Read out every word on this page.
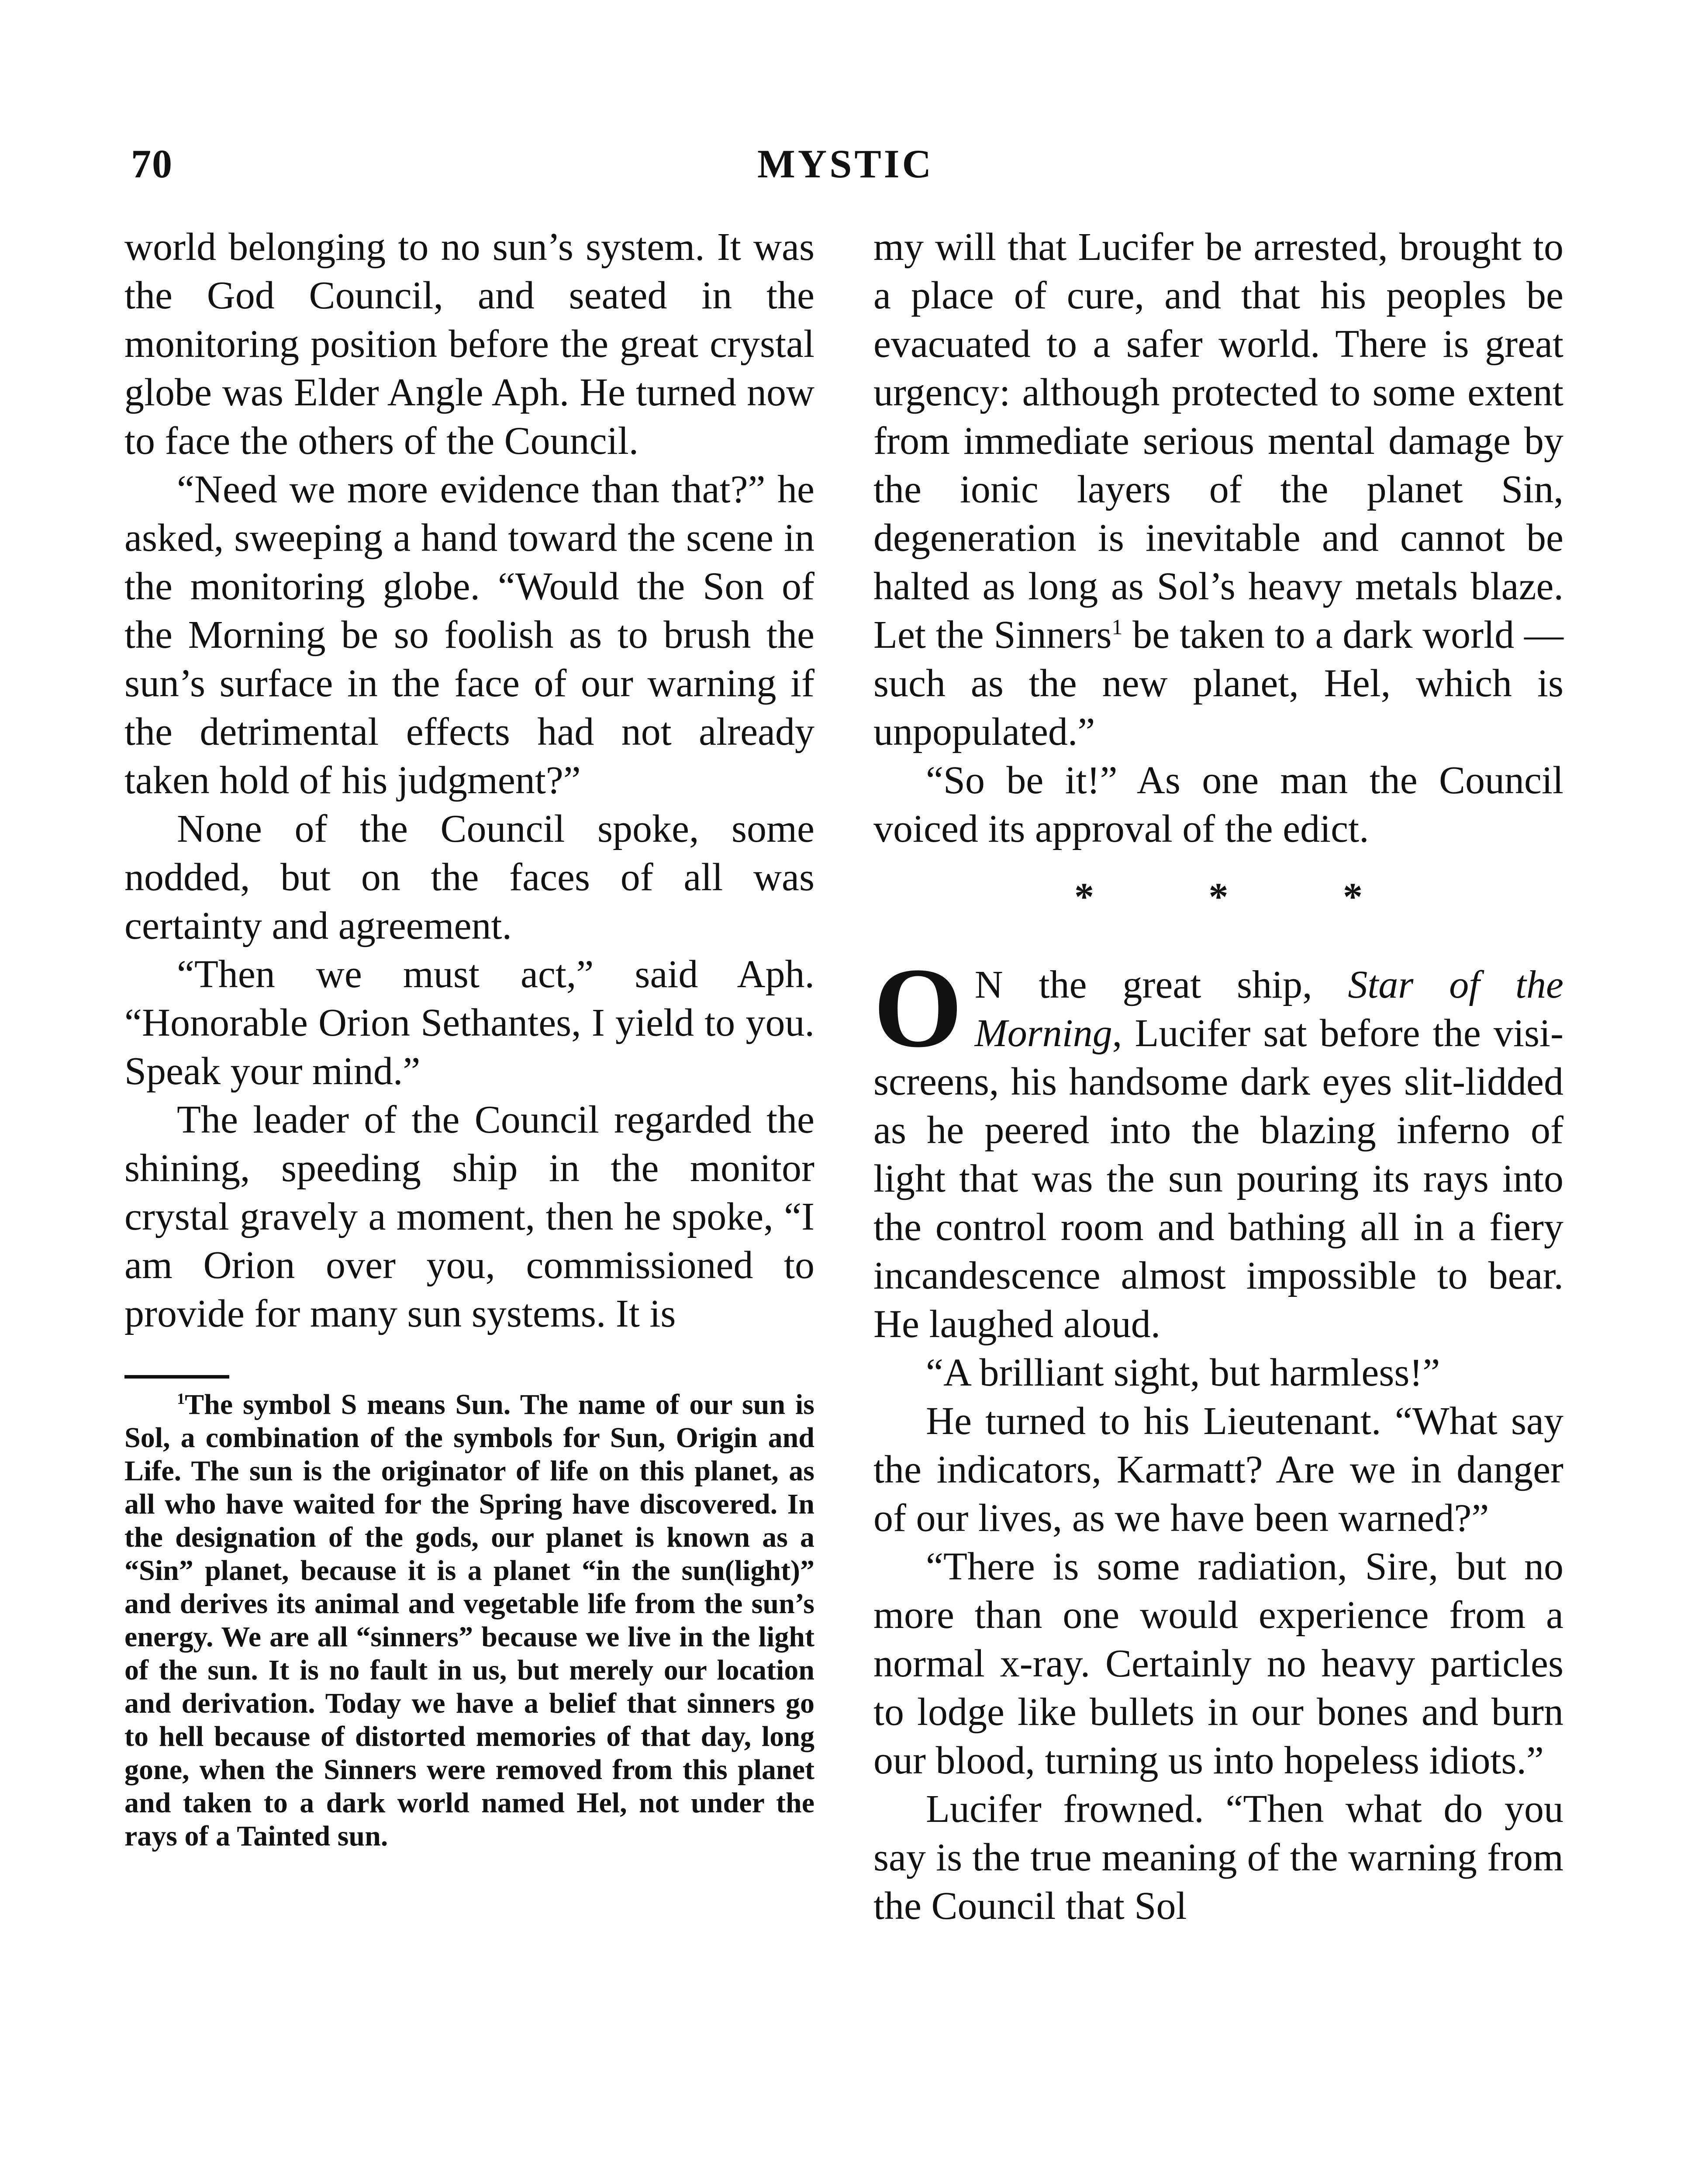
70	MYSTIC

world belonging to no sun’s system. It was the God Council, and seated in the monitoring position before the great crystal globe was Elder Angle Aph. He turned now to face the others of the Council.

“Need we more evidence than that?” he asked, sweeping a hand toward the scene in the monitoring globe. “Would the Son of the Morning be so foolish as to brush the sun’s surface in the face of our warning if the detrimental effects had not already taken hold of his judgment?”

None of the Council spoke, some nodded, but on the faces of all was certainty and agreement.

“Then we must act,” said Aph. “Honorable Orion Sethantes, I yield to you. Speak your mind.”

The leader of the Council regarded the shining, speeding ship in the monitor crystal gravely a moment, then he spoke, “I am Orion over you, commissioned to provide for many sun systems. It is

$^1$The symbol S means Sun. The name of our sun is Sol, a combination of the symbols for Sun, Origin and Life. The sun is the originator of life on this planet, as all who have waited for the Spring have discovered. In the designation of the gods, our planet is known as a “Sin” planet, because it is a planet “in the sun(light)” and derives its animal and vegetable life from the sun’s energy. We are all “sinners” because we live in the light of the sun. It is no fault in us, but merely our location and derivation. Today we have a belief that sinners go to hell because of distorted memories of that day, long gone, when the Sinners were removed from this planet and taken to a dark world named Hel, not under the rays of a Tainted sun.

my will that Lucifer be arrested, brought to a place of cure, and that his peoples be evacuated to a safer world. There is great urgency: although protected to some extent from immediate serious mental damage by the ionic layers of the planet Sin, degeneration is inevitable and cannot be halted as long as Sol’s heavy metals blaze. Let the Sinners$^1$ be taken to a dark world —such as the new planet, Hel, which is unpopulated.”

“So be it!” As one man the Council voiced its approval of the edict.

* * *

O N the great ship, Star of the Morning, Lucifer sat before the visi-screens, his handsome dark eyes slit-lidded as he peered into the blazing inferno of light that was the sun pouring its rays into the control room and bathing all in a fiery incandescence almost impossible to bear. He laughed aloud.

“A brilliant sight, but harmless!”

He turned to his Lieutenant. “What say the indicators, Karmatt? Are we in danger of our lives, as we have been warned?”

“There is some radiation, Sire, but no more than one would experience from a normal x-ray. Certainly no heavy particles to lodge like bullets in our bones and burn our blood, turning us into hopeless idiots.”

Lucifer frowned. “Then what do you say is the true meaning of the warning from the Council that Sol
